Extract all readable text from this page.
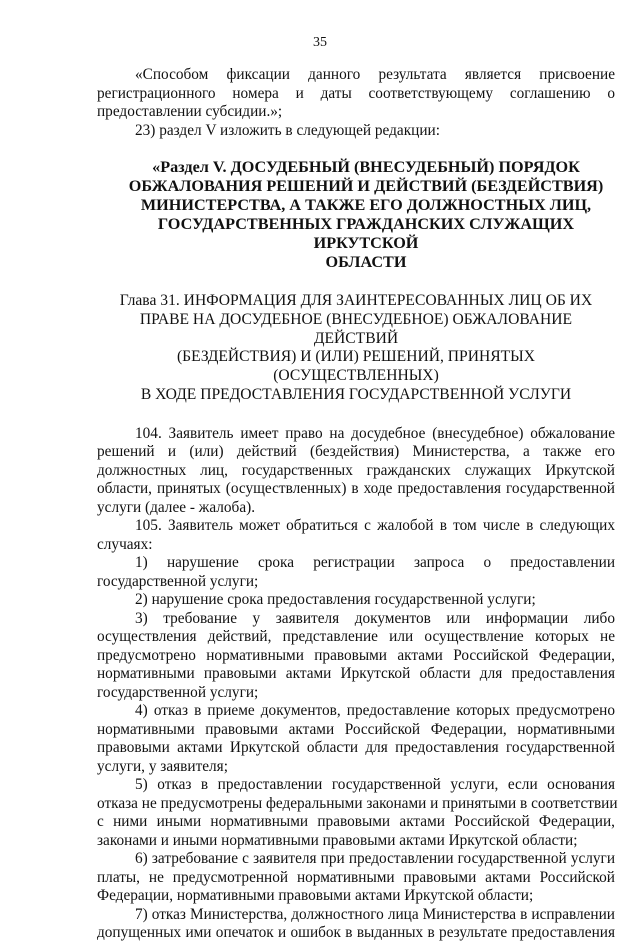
35
«Способом фиксации данного результата является присвоение
регистрационного номера и даты соответствующему соглашению о
предоставлении субсидии.»;
23) раздел V изложить в следующей редакции:
«Раздел V. ДОСУДЕБНЫЙ (ВНЕСУДЕБНЫЙ) ПОРЯДОК
ОБЖАЛОВАНИЯ РЕШЕНИЙ И ДЕЙСТВИЙ (БЕЗДЕЙСТВИЯ)
МИНИСТЕРСТВА, А ТАКЖЕ ЕГО ДОЛЖНОСТНЫХ ЛИЦ,
ГОСУДАРСТВЕННЫХ ГРАЖДАНСКИХ СЛУЖАЩИХ ИРКУТСКОЙ
ОБЛАСТИ
Глава 31. ИНФОРМАЦИЯ ДЛЯ ЗАИНТЕРЕСОВАННЫХ ЛИЦ ОБ ИХ
ПРАВЕ НА ДОСУДЕБНОЕ (ВНЕСУДЕБНОЕ) ОБЖАЛОВАНИЕ ДЕЙСТВИЙ
(БЕЗДЕЙСТВИЯ) И (ИЛИ) РЕШЕНИЙ, ПРИНЯТЫХ (ОСУЩЕСТВЛЕННЫХ)
В ХОДЕ ПРЕДОСТАВЛЕНИЯ ГОСУДАРСТВЕННОЙ УСЛУГИ
104. Заявитель имеет право на досудебное (внесудебное) обжалование
решений и (или) действий (бездействия) Министерства, а также его
должностных лиц, государственных гражданских служащих Иркутской
области, принятых (осуществленных) в ходе предоставления государственной
услуги (далее - жалоба).
105. Заявитель может обратиться с жалобой в том числе в следующих
случаях:
1) нарушение срока регистрации запроса о предоставлении
государственной услуги;
2) нарушение срока предоставления государственной услуги;
3) требование у заявителя документов или информации либо
осуществления действий, представление или осуществление которых не
предусмотрено нормативными правовыми актами Российской Федерации,
нормативными правовыми актами Иркутской области для предоставления
государственной услуги;
4) отказ в приеме документов, предоставление которых предусмотрено
нормативными правовыми актами Российской Федерации, нормативными
правовыми актами Иркутской области для предоставления государственной
услуги, у заявителя;
5) отказ в предоставлении государственной услуги, если основания
отказа не предусмотрены федеральными законами и принятыми в соответствии
с ними иными нормативными правовыми актами Российской Федерации,
законами и иными нормативными правовыми актами Иркутской области;
6) затребование с заявителя при предоставлении государственной услуги
платы, не предусмотренной нормативными правовыми актами Российской
Федерации, нормативными правовыми актами Иркутской области;
7) отказ Министерства, должностного лица Министерства в исправлении
допущенных ими опечаток и ошибок в выданных в результате предоставления
